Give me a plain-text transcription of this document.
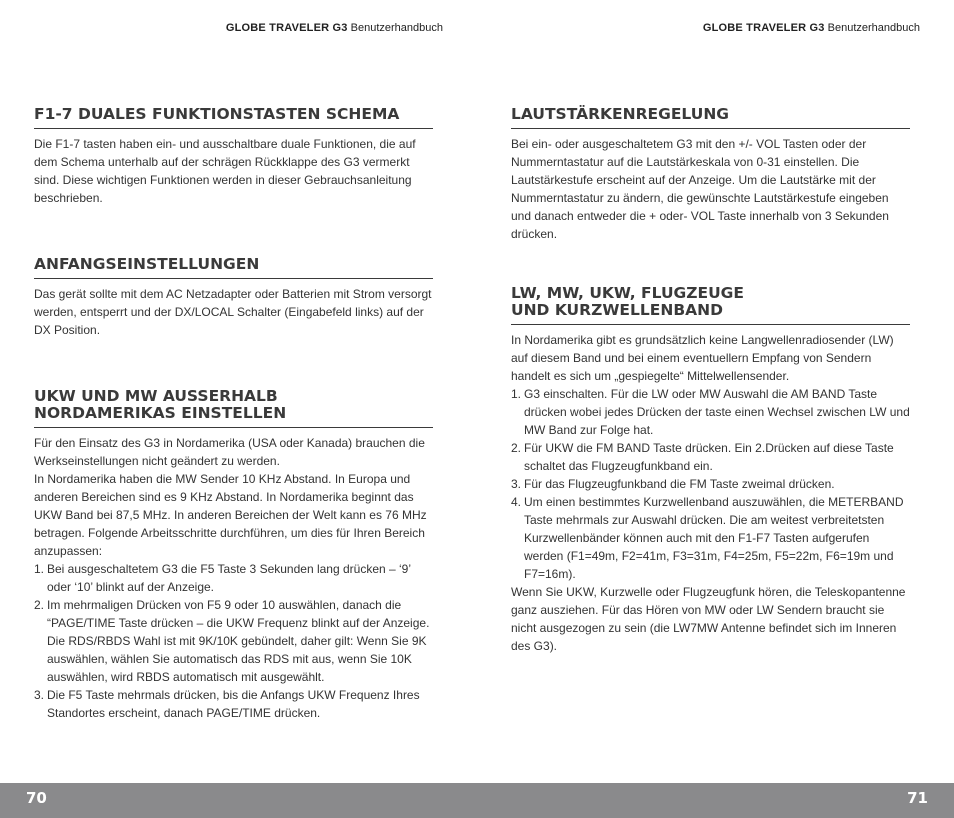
GLOBE TRAVELER G3 Benutzerhandbuch
F1-7 DUALES FUNKTIONSTASTEN SCHEMA

Die F1-7 tasten haben ein- und ausschaltbare duale Funktionen, die auf dem Schema unterhalb auf der schrägen Rückklappe des G3 vermerkt sind. Diese wichtigen Funktionen werden in dieser Gebrauchsanleitung beschrieben.

ANFANGSEINSTELLUNGEN

Das gerät sollte mit dem AC Netzadapter oder Batterien mit Strom versorgt werden, entsperrt und der DX/LOCAL Schalter (Eingabefeld links) auf der DX Position.

UKW UND MW AUSSERHALB
NORDAMERIKAS EINSTELLEN

Für den Einsatz des G3 in Nordamerika (USA oder Kanada) brauchen die Werkseinstellungen nicht geändert zu werden.

In Nordamerika haben die MW Sender 10 KHz Abstand. In Europa und anderen Bereichen sind es 9 KHz Abstand. In Nordamerika beginnt das UKW Band bei 87,5 MHz. In anderen Bereichen der Welt kann es 76 MHz betragen. Folgende Arbeitsschritte durchführen, um dies für Ihren Bereich anzupassen:

1. Bei ausgeschaltetem G3 die F5 Taste 3 Sekunden lang drücken – ‘9’ oder ‘10’ blinkt auf der Anzeige.
2. Im mehrmaligen Drücken von F5 9 oder 10 auswählen, danach die “PAGE/TIME Taste drücken – die UKW Frequenz blinkt auf der Anzeige. Die RDS/RBDS Wahl ist mit 9K/10K gebündelt, daher gilt: Wenn Sie 9K auswählen, wählen Sie automatisch das RDS mit aus, wenn Sie 10K auswählen, wird RBDS automatisch mit ausgewählt.
3. Die F5 Taste mehrmals drücken, bis die Anfangs UKW Frequenz Ihres Standortes erscheint, danach PAGE/TIME drücken.
GLOBE TRAVELER G3 Benutzerhandbuch
LAUTSTÄRKENREGELUNG

Bei ein- oder ausgeschaltetem G3 mit den +/- VOL Tasten oder der Nummerntastatur auf die Lautstärkeskala von 0-31 einstellen. Die Lautstärkestufe erscheint auf der Anzeige. Um die Lautstärke mit der Nummerntastatur zu ändern, die gewünschte Lautstärkestufe eingeben und danach entweder die + oder- VOL Taste innerhalb von 3 Sekunden drücken.

LW, MW, UKW, FLUGZEUGE
UND KURZWELLENBAND

In Nordamerika gibt es grundsätzlich keine Langwellenradiosender (LW) auf diesem Band und bei einem eventuellern Empfang von Sendern handelt es sich um „gespiegelte“ Mittelwellensender.

1. G3 einschalten. Für die LW oder MW Auswahl die AM BAND Taste drücken wobei jedes Drücken der taste einen Wechsel zwischen LW und MW Band zur Folge hat.
2. Für UKW die FM BAND Taste drücken. Ein 2.Drücken auf diese Taste schaltet das Flugzeugfunkband ein.
3. Für das Flugzeugfunkband die FM Taste zweimal drücken.
4. Um einen bestimmtes Kurzwellenband auszuwählen, die METERBAND Taste mehrmals zur Auswahl drücken. Die am weitest verbreitetsten Kurzwellenbänder können auch mit den F1-F7 Tasten aufgerufen werden (F1=49m, F2=41m, F3=31m, F4=25m, F5=22m, F6=19m und F7=16m).

Wenn Sie UKW, Kurzwelle oder Flugzeugfunk hören, die Teleskopantenne ganz ausziehen. Für das Hören von MW oder LW Sendern braucht sie nicht ausgezogen zu sein (die LW7MW Antenne befindet sich im Inneren des G3).

70	71
